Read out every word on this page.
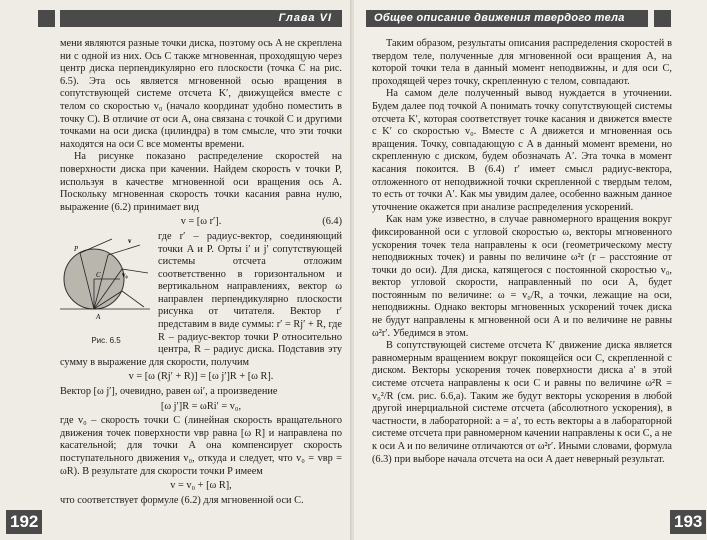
Глава VI

мени являются разные точки диска, поэтому ось A не скреплена ни с одной из них. Ось C также мгновенная, проходящую через центр диска перпендикулярно его плоскости (точка C на рис. 6.5). Эта ось является мгновенной осью вращения в сопутствующей системе отсчета K′, движущейся вместе с телом со скоростью v₀ (начало координат удобно поместить в точку C). В отличие от оси A, она связана с точкой C и другими точками на оси диска (цилиндра) в том смысле, что эти точки находятся на оси C все моменты времени.

На рисунке показано распределение скоростей на поверхности диска при качении. Найдем скорость v точки P, используя в качестве мгновенной оси вращения ось A. Поскольку мгновенная скорость точки касания равна нулю, выражение (6.2) принимает вид

v = [ω r′].	(6.4)
P
v
v₀
C
A
Рис. 6.5

где r′ – радиус-вектор, соединяющий точки A и P. Орты i′ и j′ сопутствующей системы отсчета отложим соответственно в горизонтальном и вертикальном направлениях, вектор ω направлен перпендикулярно плоскости рисунка от читателя. Вектор r′ представим в виде суммы: r′ = Rj′ + R, где R – радиус-вектор точки P относительно центра, R – радиус диска. Подставив эту сумму в выражение для скорости, получим

v = [ω (Rj′ + R)] = [ω j′]R + [ω R].

Вектор [ω j′], очевидно, равен ωi′, а произведение

[ω j′]R = ωRi′ = v₀,

где v₀ – скорость точки C (линейная скорость вращательного движения точек поверхности vвр равна [ω R] и направлена по касательной; для точки A она компенсирует скорость поступательного движения v₀, откуда и следует, что v₀ = vвр = ωR). В результате для скорости точки P имеем

v = v₀ + [ω R],

что соответствует формуле (6.2) для мгновенной оси C.

192
Общее описание движения твердого тела

Таким образом, результаты описания распределения скоростей в твердом теле, полученные для мгновенной оси вращения A, на которой точки тела в данный момент неподвижны, и для оси C, проходящей через точку, скрепленную с телом, совпадают.

На самом деле полученный вывод нуждается в уточнении. Будем далее под точкой A понимать точку сопутствующей системы отсчета K′, которая соответствует точке касания и движется вместе с K′ со скоростью v₀. Вместе с A движется и мгновенная ось вращения. Точку, совпадающую с A в данный момент времени, но скрепленную с диском, будем обозначать A′. Эта точка в момент касания покоится. В (6.4) r′ имеет смысл радиус-вектора, отложенного от неподвижной точки скрепленной с твердым телом, то есть от точки A′. Как мы увидим далее, особенно важным данное уточнение окажется при анализе распределения ускорений.

Как нам уже известно, в случае равномерного вращения вокруг фиксированной оси с угловой скоростью ω, векторы мгновенного ускорения точек тела направлены к оси (геометрическому месту неподвижных точек) и равны по величине ω²r (r – расстояние от точки до оси). Для диска, катящегося с постоянной скоростью v₀, вектор угловой скорости, направленный по оси A, будет постоянным по величине: ω = v₀/R, а точки, лежащие на оси, неподвижны. Однако векторы мгновенных ускорений точек диска не будут направлены к мгновенной оси A и по величине не равны ω²r′. Убедимся в этом.

В сопутствующей системе отсчета K′ движение диска является равномерным вращением вокруг покоящейся оси C, скрепленной с диском. Векторы ускорения точек поверхности диска a′ в этой системе отсчета направлены к оси C и равны по величине ω²R = v₀²/R (см. рис. 6.6,а). Таким же будут векторы ускорения в любой другой инерциальной системе отсчета (абсолютного ускорения), в частности, в лабораторной: a = a′, то есть векторы a в лабораторной системе отсчета при равномерном качении направлены к оси C, а не к оси A и по величине отличаются от ω²r′. Иными словами, формула (6.3) при выборе начала отсчета на оси A дает неверный результат.

193
